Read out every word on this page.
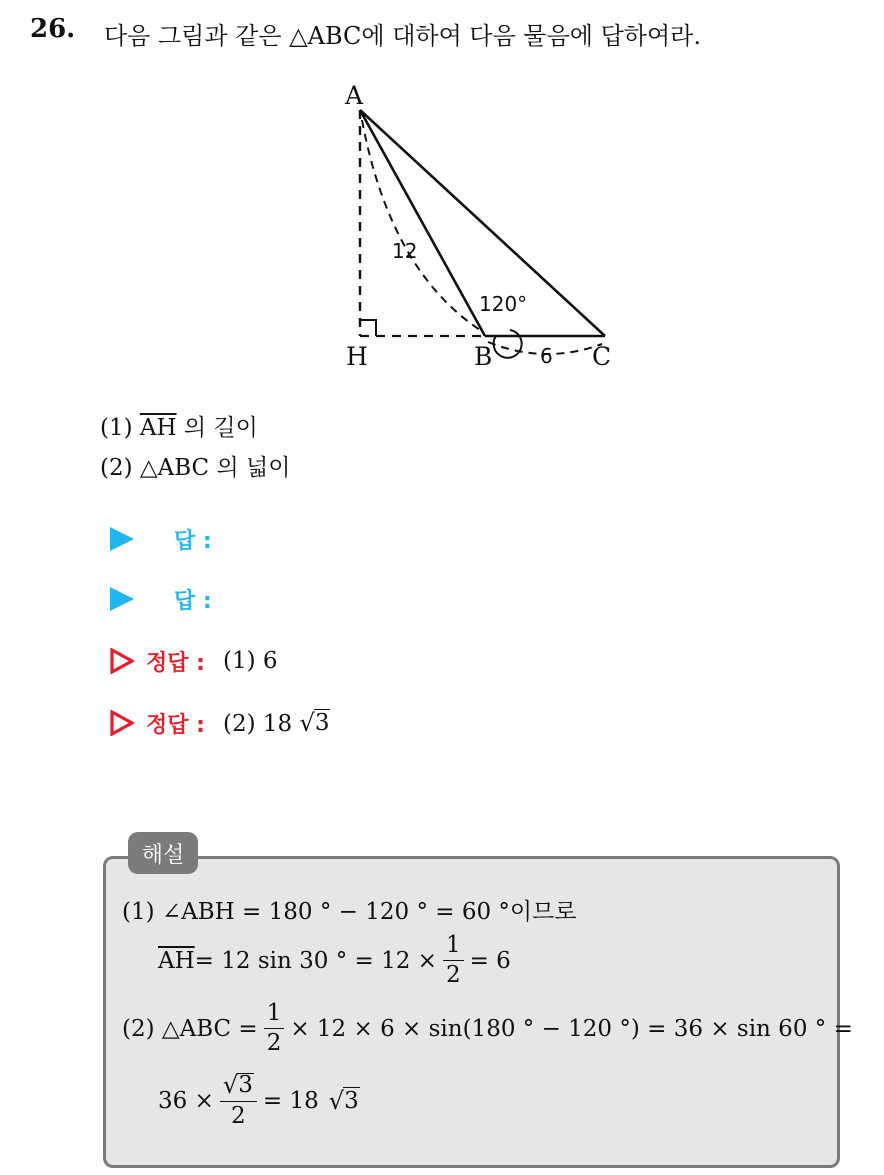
26. 다음 그림과 같은 △ABC에 대하여 다음 물음에 답하여라.
A
H	B	C
12
6
120°
(1) $\overline{AH}$ 의 길이
(2) △ABC 의 넓이
답 :
답 :
정답 : (1) 6
정답 : (2) 18 √ 3
해설
(1) ∠ABH = 180 ° − 120 ° = 60 °이므로
$\overline{AH} = 12$ sin 30 ° = $12 \times \frac{1}{2} = 6$
(2) △ABC = $\frac{1}{2} \times 12 \times 6 \times \sin(180$ ° − 120 °) = 36 × sin 60 ° =
$36 \times \frac{√ 3}{2} = 18$ √ 3
